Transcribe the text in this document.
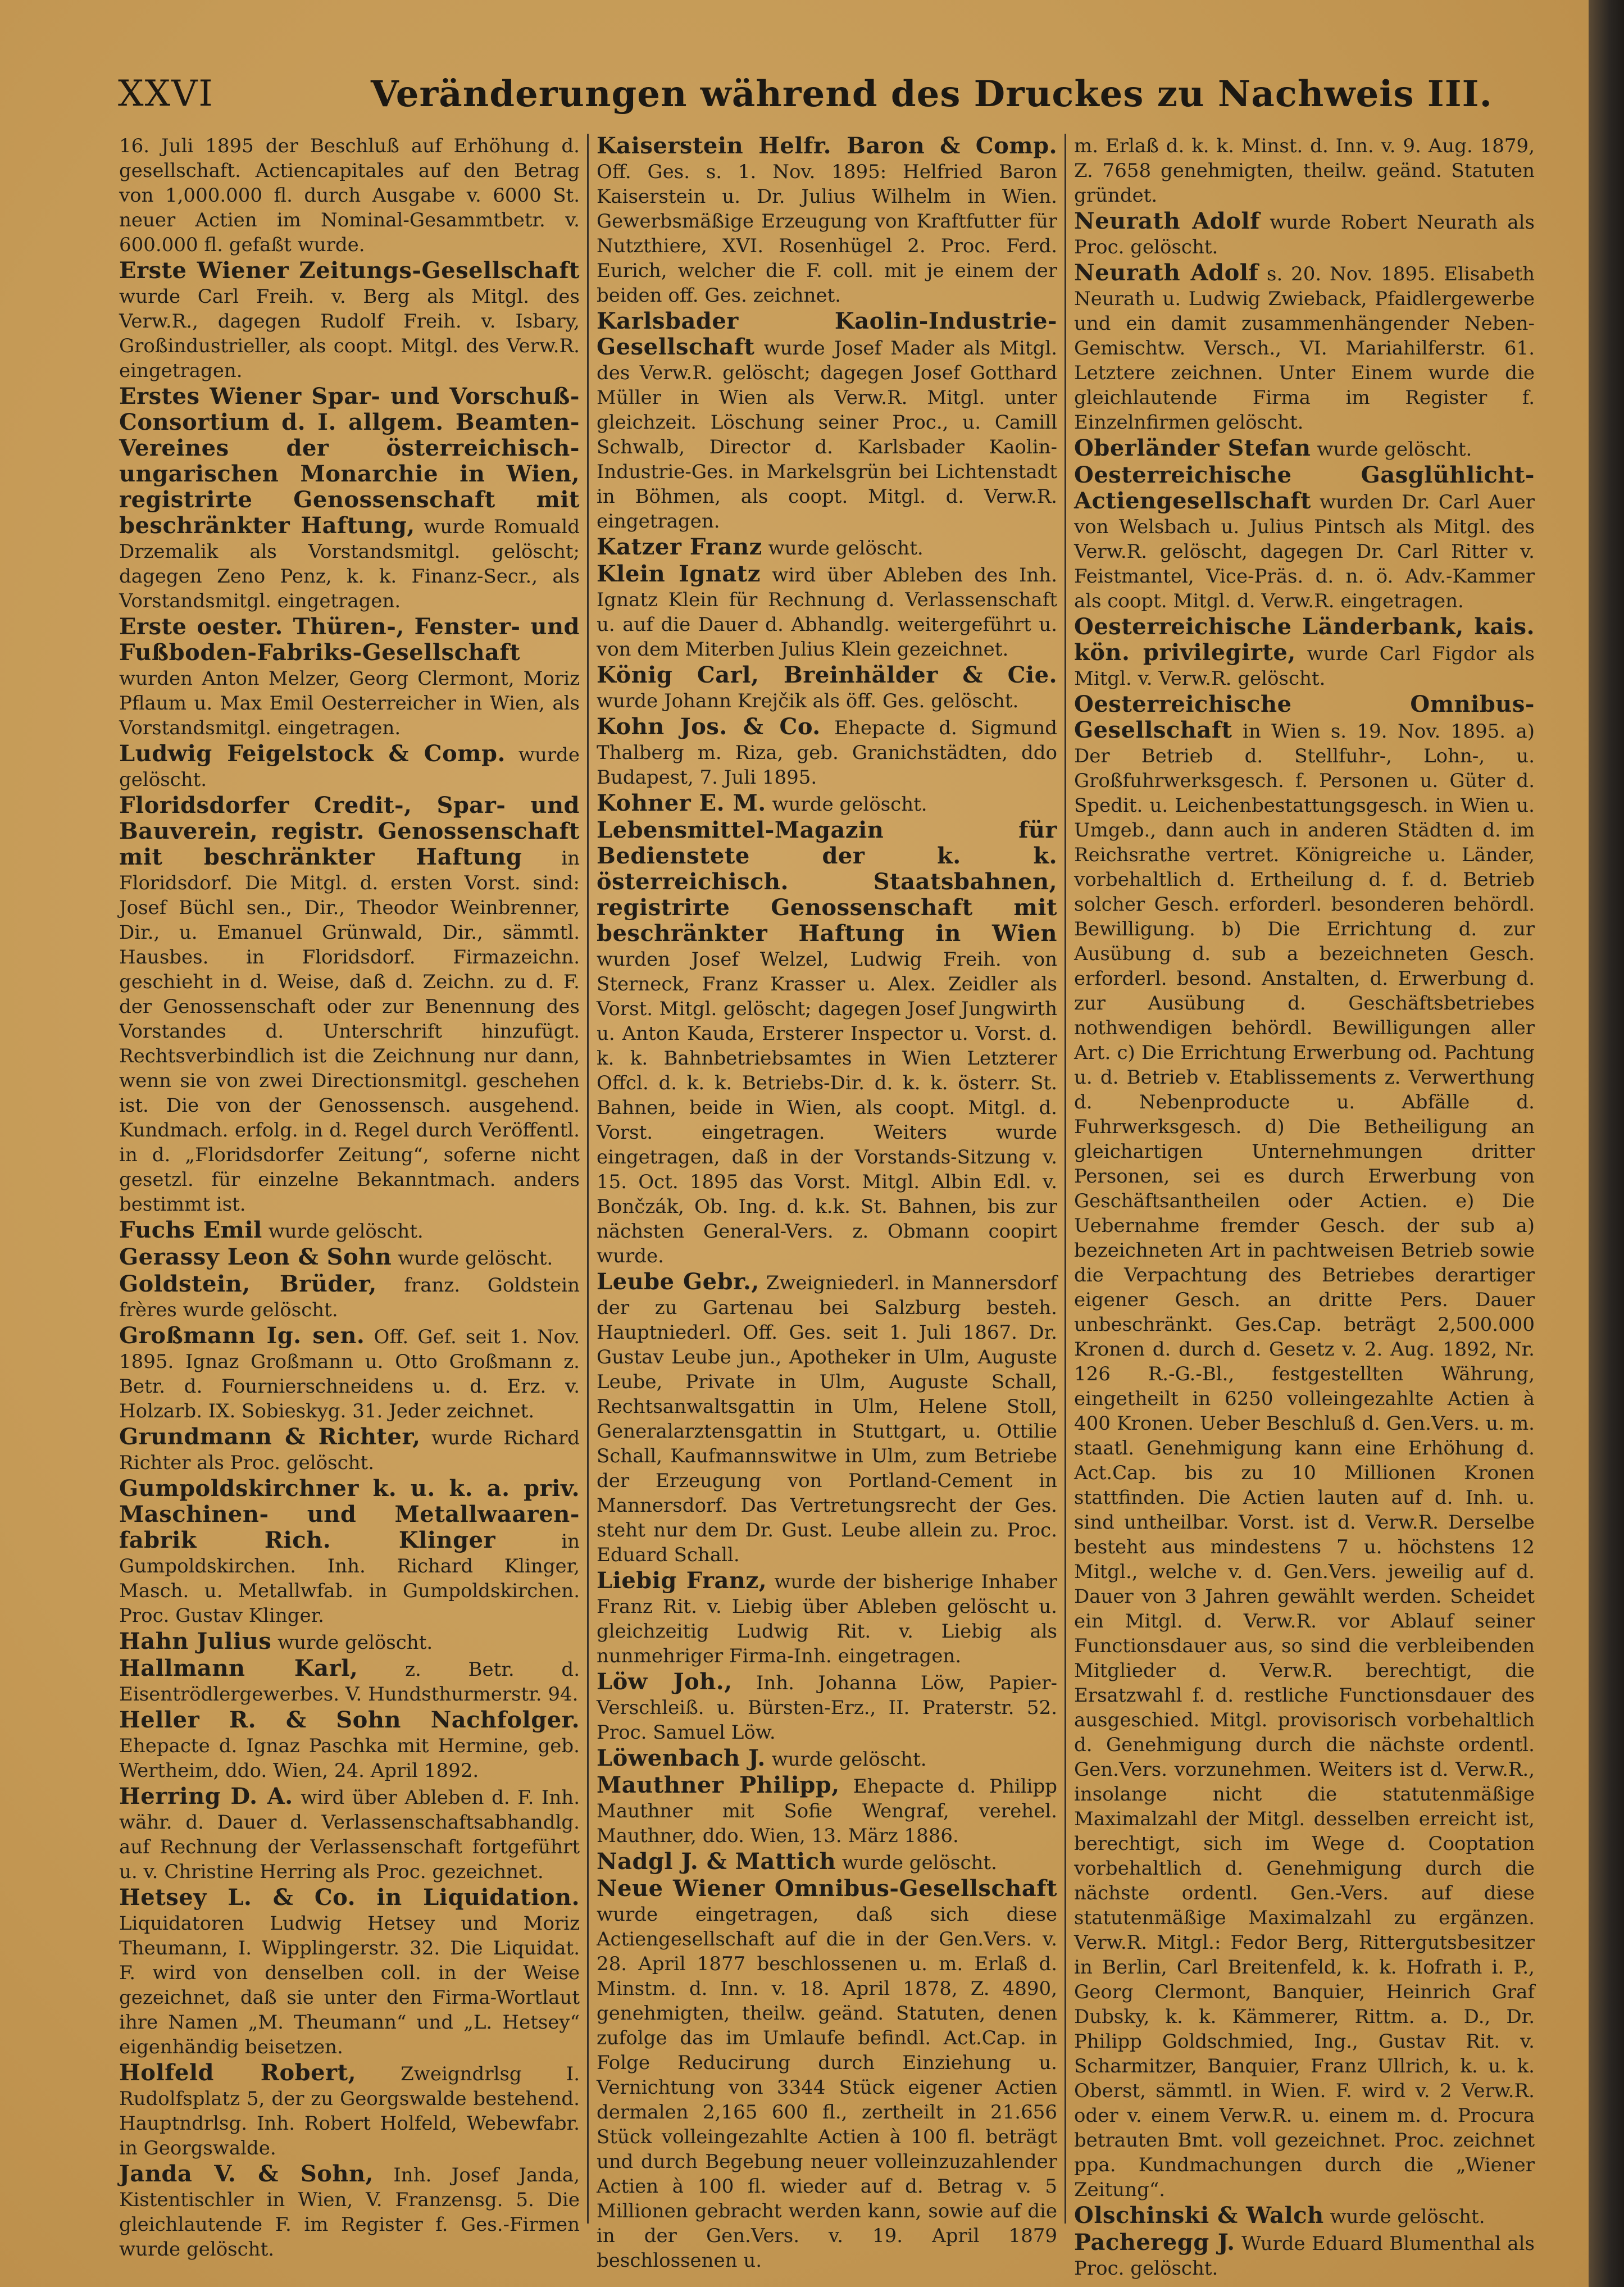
XXVI	Veränderungen während des Druckes zu Nachweis III.
16. Juli 1895 der Beschluß auf Erhöhung d. gesellschaft. Actiencapitales auf den Betrag von 1,000.000 fl. durch Ausgabe v. 6000 St. neuer Actien im Nominal-Gesammtbetr. v. 600.000 fl. gefaßt wurde.
Erste Wiener Zeitungs-Gesellschaft wurde Carl Freih. v. Berg als Mitgl. des Verw.R., dagegen Rudolf Freih. v. Isbary, Großindustrieller, als coopt. Mitgl. des Verw.R. eingetragen.
Erstes Wiener Spar- und Vorschuß-Consortium d. I. allgem. Beamten-Vereines der österreichisch-ungarischen Monarchie in Wien, registrirte Genossenschaft mit beschränkter Haftung, wurde Romuald Drzemalik als Vorstandsmitgl. gelöscht; dagegen Zeno Penz, k. k. Finanz-Secr., als Vorstandsmitgl. eingetragen.
Erste oester. Thüren-, Fenster- und Fußboden-Fabriks-Gesellschaft wurden Anton Melzer, Georg Clermont, Moriz Pflaum u. Max Emil Oesterreicher in Wien, als Vorstandsmitgl. eingetragen.
Ludwig Feigelstock & Comp. wurde gelöscht.
Floridsdorfer Credit-, Spar- und Bauverein, registr. Genossenschaft mit beschränkter Haftung in Floridsdorf. Die Mitgl. d. ersten Vorst. sind: Josef Büchl sen., Dir., Theodor Weinbrenner, Dir., u. Emanuel Grünwald, Dir., sämmtl. Hausbes. in Floridsdorf. Firmazeichn. geschieht in d. Weise, daß d. Zeichn. zu d. F. der Genossenschaft oder zur Benennung des Vorstandes d. Unterschrift hinzufügt. Rechtsverbindlich ist die Zeichnung nur dann, wenn sie von zwei Directionsmitgl. geschehen ist. Die von der Genossensch. ausgehend. Kundmach. erfolg. in d. Regel durch Veröffentl. in d. „Floridsdorfer Zeitung“, soferne nicht gesetzl. für einzelne Bekanntmach. anders bestimmt ist.
Fuchs Emil wurde gelöscht.
Gerassy Leon & Sohn wurde gelöscht.
Goldstein, Brüder, franz. Goldstein frères wurde gelöscht.
Großmann Ig. sen. Off. Gef. seit 1. Nov. 1895. Ignaz Großmann u. Otto Großmann z. Betr. d. Fournierschneidens u. d. Erz. v. Holzarb. IX. Sobieskyg. 31. Jeder zeichnet.
Grundmann & Richter, wurde Richard Richter als Proc. gelöscht.
Gumpoldskirchner k. u. k. a. priv. Maschinen- und Metallwaaren-fabrik Rich. Klinger	in Gumpoldskirchen. Inh. Richard Klinger, Masch. u. Metallwfab. in Gumpoldskirchen. Proc. Gustav Klinger.
Hahn Julius wurde gelöscht.
Hallmann Karl, z. Betr. d. Eisentrödlergewerbes. V. Hundsthurmerstr. 94.
Heller R. & Sohn Nachfolger. Ehepacte d. Ignaz Paschka mit Hermine, geb. Wertheim, ddo. Wien, 24. April 1892.
Herring D. A. wird über Ableben d. F. Inh. währ. d. Dauer d. Verlassenschaftsabhandlg. auf Rechnung der Verlassenschaft fortgeführt u. v. Christine Herring als Proc. gezeichnet.
Hetsey L. & Co. in Liquidation. Liquidatoren Ludwig Hetsey und Moriz Theumann, I. Wipplingerstr. 32. Die Liquidat. F. wird von denselben coll. in der Weise gezeichnet, daß sie unter den Firma-Wortlaut ihre Namen „M. Theumann“ und „L. Hetsey“ eigenhändig beisetzen.
Holfeld Robert, Zweigndrlsg I. Rudolfsplatz 5, der zu Georgswalde bestehend. Hauptndrlsg. Inh. Robert Holfeld, Webewfabr. in Georgswalde.
Janda V. & Sohn, Inh. Josef Janda, Kistentischler in Wien, V. Franzensg. 5. Die gleichlautende F. im Register f. Ges.-Firmen wurde gelöscht.
Kaiserstein Helfr. Baron & Comp. Off. Ges. s. 1. Nov. 1895: Helfried Baron Kaiserstein u. Dr. Julius Wilhelm in Wien. Gewerbsmäßige Erzeugung von Kraftfutter für Nutzthiere, XVI. Rosenhügel 2. Proc. Ferd. Eurich, welcher die F. coll. mit je einem der beiden off. Ges. zeichnet.
Karlsbader Kaolin-Industrie-Gesellschaft wurde Josef Mader als Mitgl. des Verw.R. gelöscht; dagegen Josef Gotthard Müller in Wien als Verw.R. Mitgl. unter gleichzeit. Löschung seiner Proc., u. Camill Schwalb, Director d. Karlsbader Kaolin-Industrie-Ges. in Markelsgrün bei Lichtenstadt in Böhmen, als coopt. Mitgl. d. Verw.R. eingetragen.
Katzer Franz wurde gelöscht.
Klein Ignatz wird über Ableben des Inh. Ignatz Klein für Rechnung d. Verlassenschaft u. auf die Dauer d. Abhandlg. weitergeführt u. von dem Miterben Julius Klein gezeichnet.
König Carl, Breinhälder & Cie. wurde Johann Krejčik als öff. Ges. gelöscht.
Kohn Jos. & Co. Ehepacte d. Sigmund Thalberg m. Riza, geb. Granichstädten, ddo Budapest, 7. Juli 1895.
Kohner E. M. wurde gelöscht.
Lebensmittel-Magazin für Bedienstete der k. k. österreichisch. Staatsbahnen, registrirte Genossenschaft mit beschränkter Haftung in Wien wurden Josef Welzel, Ludwig Freih. von Sterneck, Franz Krasser u. Alex. Zeidler als Vorst. Mitgl. gelöscht; dagegen Josef Jungwirth u. Anton Kauda, Ersterer Inspector u. Vorst. d. k. k. Bahnbetriebsamtes in Wien Letzterer Offcl. d. k. k. Betriebs-Dir. d. k. k. österr. St. Bahnen, beide in Wien, als coopt. Mitgl. d. Vorst. eingetragen. Weiters wurde eingetragen, daß in der Vorstands-Sitzung v. 15. Oct. 1895 das Vorst. Mitgl. Albin Edl. v. Bončzák, Ob. Ing. d. k.k. St. Bahnen, bis zur nächsten General-Vers. z. Obmann coopirt wurde.
Leube Gebr., Zweigniederl. in Mannersdorf der zu Gartenau bei Salzburg besteh. Hauptniederl. Off. Ges. seit 1. Juli 1867. Dr. Gustav Leube jun., Apotheker in Ulm, Auguste Leube, Private in Ulm, Auguste Schall, Rechtsanwaltsgattin in Ulm, Helene Stoll, Generalarztensgattin in Stuttgart, u. Ottilie Schall, Kaufmannswitwe in Ulm, zum Betriebe der Erzeugung von Portland-Cement in Mannersdorf. Das Vertretungsrecht der Ges. steht nur dem Dr. Gust. Leube allein zu. Proc. Eduard Schall.
Liebig Franz, wurde der bisherige Inhaber Franz Rit. v. Liebig über Ableben gelöscht u. gleichzeitig Ludwig Rit. v. Liebig als nunmehriger Firma-Inh. eingetragen.
Löw Joh., Inh. Johanna Löw, Papier-Verschleiß. u. Bürsten-Erz., II. Praterstr. 52. Proc. Samuel Löw.
Löwenbach J. wurde gelöscht.
Mauthner Philipp, Ehepacte d. Philipp Mauthner mit Sofie Wengraf, verehel. Mauthner, ddo. Wien, 13. März 1886.
Nadgl J. & Mattich wurde gelöscht.
Neue Wiener Omnibus-Gesellschaft wurde eingetragen, daß sich diese Actiengesellschaft auf die in der Gen.Vers. v. 28. April 1877 beschlossenen u. m. Erlaß d. Minstm. d. Inn. v. 18. April 1878, Z. 4890, genehmigten, theilw. geänd. Statuten, denen zufolge das im Umlaufe befindl. Act.Cap. in Folge Reducirung durch Einziehung u. Vernichtung von 3344 Stück eigener Actien dermalen 2,165 600 fl., zertheilt in 21.656 Stück volleingezahlte Actien à 100 fl. beträgt und durch Begebung neuer volleinzuzahlender Actien à 100 fl. wieder auf d. Betrag v. 5 Millionen gebracht werden kann, sowie auf die in der Gen.Vers. v. 19. April 1879 beschlossenen u.
m. Erlaß d. k. k. Minst. d. Inn. v. 9. Aug. 1879, Z. 7658 genehmigten, theilw. geänd. Statuten gründet.
Neurath Adolf wurde Robert Neurath als Proc. gelöscht.
Neurath Adolf s. 20. Nov. 1895. Elisabeth Neurath u. Ludwig Zwieback, Pfaidlergewerbe und ein damit zusammenhängender Neben-Gemischtw. Versch., VI. Mariahilferstr. 61. Letztere zeichnen. Unter Einem wurde die gleichlautende Firma im Register f. Einzelnfirmen gelöscht.
Oberländer Stefan wurde gelöscht.
Oesterreichische Gasglühlicht-Actiengesellschaft wurden Dr. Carl Auer von Welsbach u. Julius Pintsch als Mitgl. des Verw.R. gelöscht, dagegen Dr. Carl Ritter v. Feistmantel, Vice-Präs. d. n. ö. Adv.-Kammer als coopt. Mitgl. d. Verw.R. eingetragen.
Oesterreichische Länderbank, kais. kön. privilegirte, wurde Carl Figdor als Mitgl. v. Verw.R. gelöscht.
Oesterreichische Omnibus-Gesellschaft in Wien s. 19. Nov. 1895. a) Der Betrieb d. Stellfuhr-, Lohn-, u. Großfuhrwerksgesch. f. Personen u. Güter d. Spedit. u. Leichenbestattungsgesch. in Wien u. Umgeb., dann auch in anderen Städten d. im Reichsrathe vertret. Königreiche u. Länder, vorbehaltlich d. Ertheilung d. f. d. Betrieb solcher Gesch. erforderl. besonderen behördl. Bewilligung. b) Die Errichtung d. zur Ausübung d. sub a bezeichneten Gesch. erforderl. besond. Anstalten, d. Erwerbung d. zur Ausübung d. Geschäftsbetriebes nothwendigen behördl. Bewilligungen aller Art. c) Die Errichtung Erwerbung od. Pachtung u. d. Betrieb v. Etablissements z. Verwerthung d. Nebenproducte u. Abfälle d. Fuhrwerksgesch. d) Die Betheiligung an gleichartigen Unternehmungen dritter Personen, sei es durch Erwerbung von Geschäftsantheilen oder Actien. e) Die Uebernahme fremder Gesch. der sub a) bezeichneten Art in pachtweisen Betrieb sowie die Verpachtung des Betriebes derartiger eigener Gesch. an dritte Pers. Dauer unbeschränkt. Ges.Cap. beträgt 2,500.000 Kronen d. durch d. Gesetz v. 2. Aug. 1892, Nr. 126 R.-G.-Bl., festgestellten Währung, eingetheilt in 6250 volleingezahlte Actien à 400 Kronen. Ueber Beschluß d. Gen.Vers. u. m. staatl. Genehmigung kann eine Erhöhung d. Act.Cap. bis zu 10 Millionen Kronen stattfinden. Die Actien lauten auf d. Inh. u. sind untheilbar. Vorst. ist d. Verw.R. Derselbe besteht aus mindestens 7 u. höchstens 12 Mitgl., welche v. d. Gen.Vers. jeweilig auf d. Dauer von 3 Jahren gewählt werden. Scheidet ein Mitgl. d. Verw.R. vor Ablauf seiner Functionsdauer aus, so sind die verbleibenden Mitglieder d. Verw.R. berechtigt, die Ersatzwahl f. d. restliche Functionsdauer des ausgeschied. Mitgl. provisorisch vorbehaltlich d. Genehmigung durch die nächste ordentl. Gen.Vers. vorzunehmen. Weiters ist d. Verw.R., insolange nicht die statutenmäßige Maximalzahl der Mitgl. desselben erreicht ist, berechtigt, sich im Wege d. Cooptation vorbehaltlich d. Genehmigung durch die nächste ordentl. Gen.-Vers. auf diese statutenmäßige Maximalzahl zu ergänzen. Verw.R. Mitgl.: Fedor Berg, Rittergutsbesitzer in Berlin, Carl Breitenfeld, k. k. Hofrath i. P., Georg Clermont, Banquier, Heinrich Graf Dubsky, k. k. Kämmerer, Rittm. a. D., Dr. Philipp Goldschmied, Ing., Gustav Rit. v. Scharmitzer, Banquier, Franz Ullrich, k. u. k. Oberst, sämmtl. in Wien. F. wird v. 2 Verw.R. oder v. einem Verw.R. u. einem m. d. Procura betrauten Bmt. voll gezeichnet. Proc. zeichnet ppa. Kundmachungen durch die „Wiener Zeitung“.
Olschinski & Walch wurde gelöscht.
Pacheregg J. Wurde Eduard Blumenthal als Proc. gelöscht.
